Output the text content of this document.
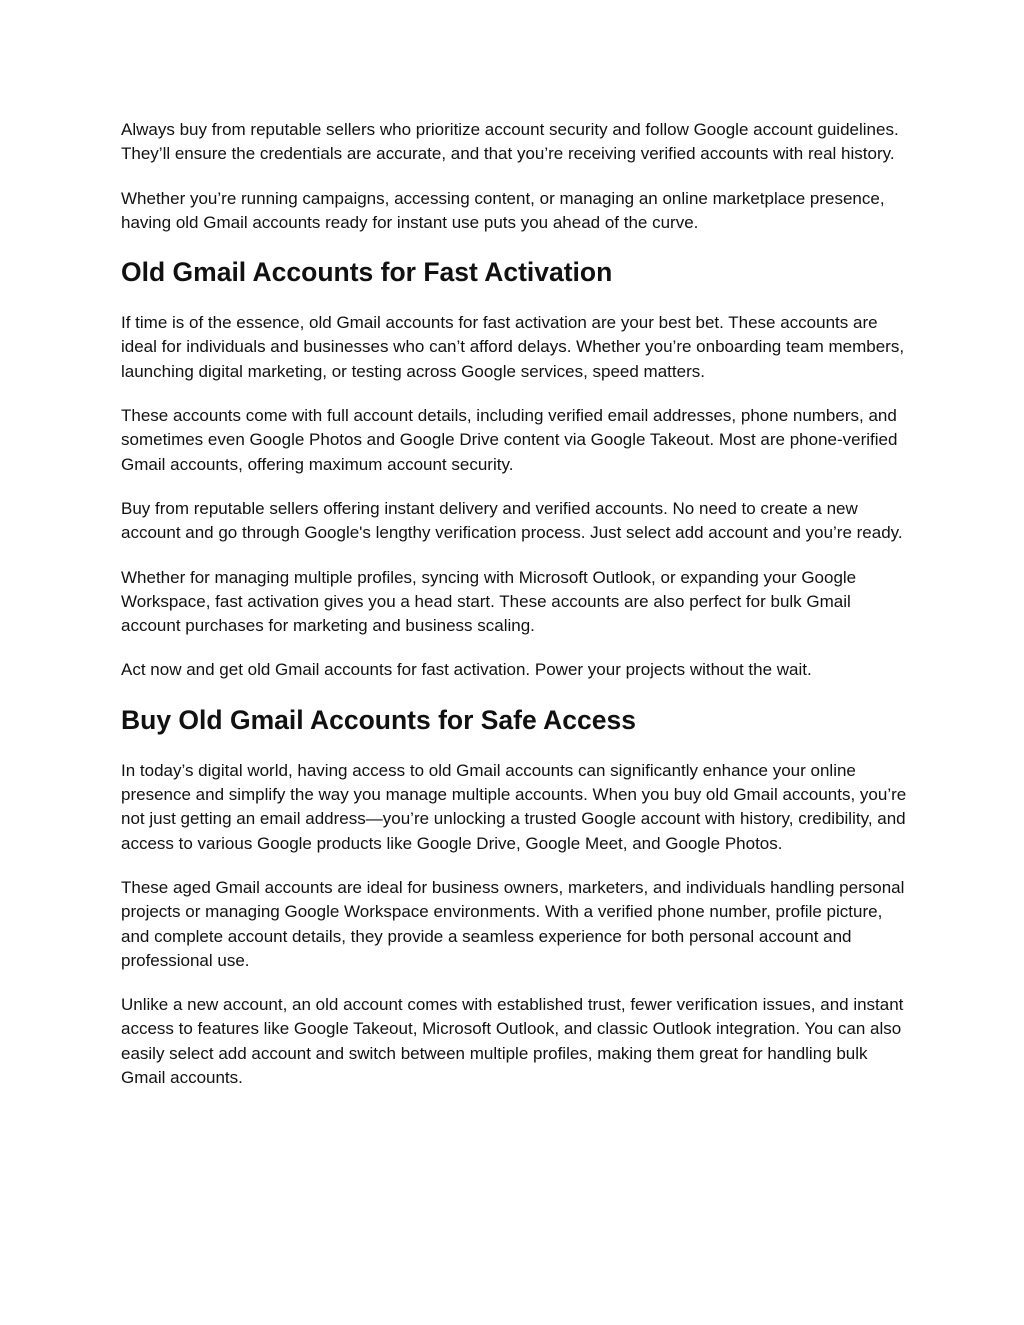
Always buy from reputable sellers who prioritize account security and follow Google account guidelines. They’ll ensure the credentials are accurate, and that you’re receiving verified accounts with real history.

Whether you’re running campaigns, accessing content, or managing an online marketplace presence, having old Gmail accounts ready for instant use puts you ahead of the curve.

Old Gmail Accounts for Fast Activation

If time is of the essence, old Gmail accounts for fast activation are your best bet. These accounts are ideal for individuals and businesses who can’t afford delays. Whether you’re onboarding team members, launching digital marketing, or testing across Google services, speed matters.

These accounts come with full account details, including verified email addresses, phone numbers, and sometimes even Google Photos and Google Drive content via Google Takeout. Most are phone-verified Gmail accounts, offering maximum account security.

Buy from reputable sellers offering instant delivery and verified accounts. No need to create a new account and go through Google's lengthy verification process. Just select add account and you’re ready.

Whether for managing multiple profiles, syncing with Microsoft Outlook, or expanding your Google Workspace, fast activation gives you a head start. These accounts are also perfect for bulk Gmail account purchases for marketing and business scaling.

Act now and get old Gmail accounts for fast activation. Power your projects without the wait.

Buy Old Gmail Accounts for Safe Access

In today’s digital world, having access to old Gmail accounts can significantly enhance your online presence and simplify the way you manage multiple accounts. When you buy old Gmail accounts, you’re not just getting an email address—you’re unlocking a trusted Google account with history, credibility, and access to various Google products like Google Drive, Google Meet, and Google Photos.

These aged Gmail accounts are ideal for business owners, marketers, and individuals handling personal projects or managing Google Workspace environments. With a verified phone number, profile picture, and complete account details, they provide a seamless experience for both personal account and professional use.

Unlike a new account, an old account comes with established trust, fewer verification issues, and instant access to features like Google Takeout, Microsoft Outlook, and classic Outlook integration. You can also easily select add account and switch between multiple profiles, making them great for handling bulk Gmail accounts.
